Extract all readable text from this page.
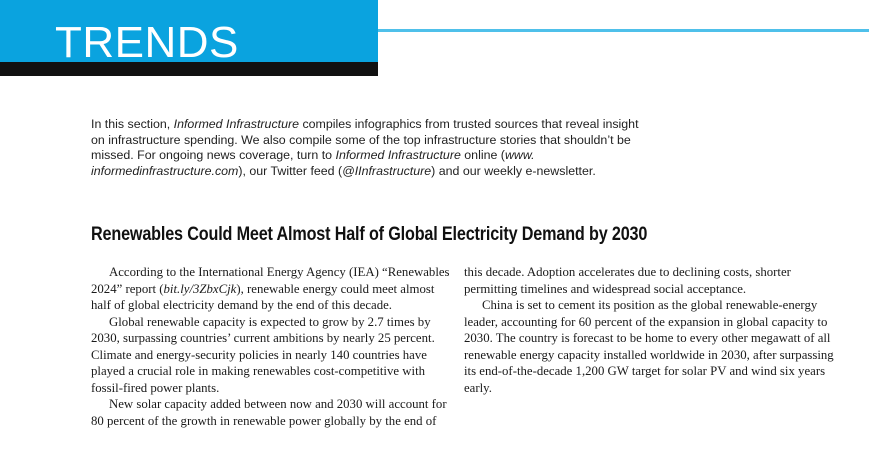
TRENDS
In this section, Informed Infrastructure compiles infographics from trusted sources that reveal insight on infrastructure spending. We also compile some of the top infrastructure stories that shouldn’t be missed. For ongoing news coverage, turn to Informed Infrastructure online (www. informedinfrastructure.com), our Twitter feed (@IInfrastructure) and our weekly e-newsletter.
Renewables Could Meet Almost Half of Global Electricity Demand by 2030

According to the International Energy Agency (IEA) “Renewables 2024” report (bit.ly/3ZbxCjk), renewable energy could meet almost half of global electricity demand by the end of this decade.

Global renewable capacity is expected to grow by 2.7 times by 2030, surpassing countries’ current ambitions by nearly 25 percent. Climate and energy-security policies in nearly 140 countries have played a crucial role in making renewables cost-competitive with fossil-fired power plants.

New solar capacity added between now and 2030 will account for 80 percent of the growth in renewable power globally by the end of

this decade. Adoption accelerates due to declining costs, shorter permitting timelines and widespread social acceptance.

China is set to cement its position as the global renewable-energy leader, accounting for 60 percent of the expansion in global capacity to 2030. The country is forecast to be home to every other megawatt of all renewable energy capacity installed worldwide in 2030, after surpassing its end-of-the-decade 1,200 GW target for solar PV and wind six years early.
